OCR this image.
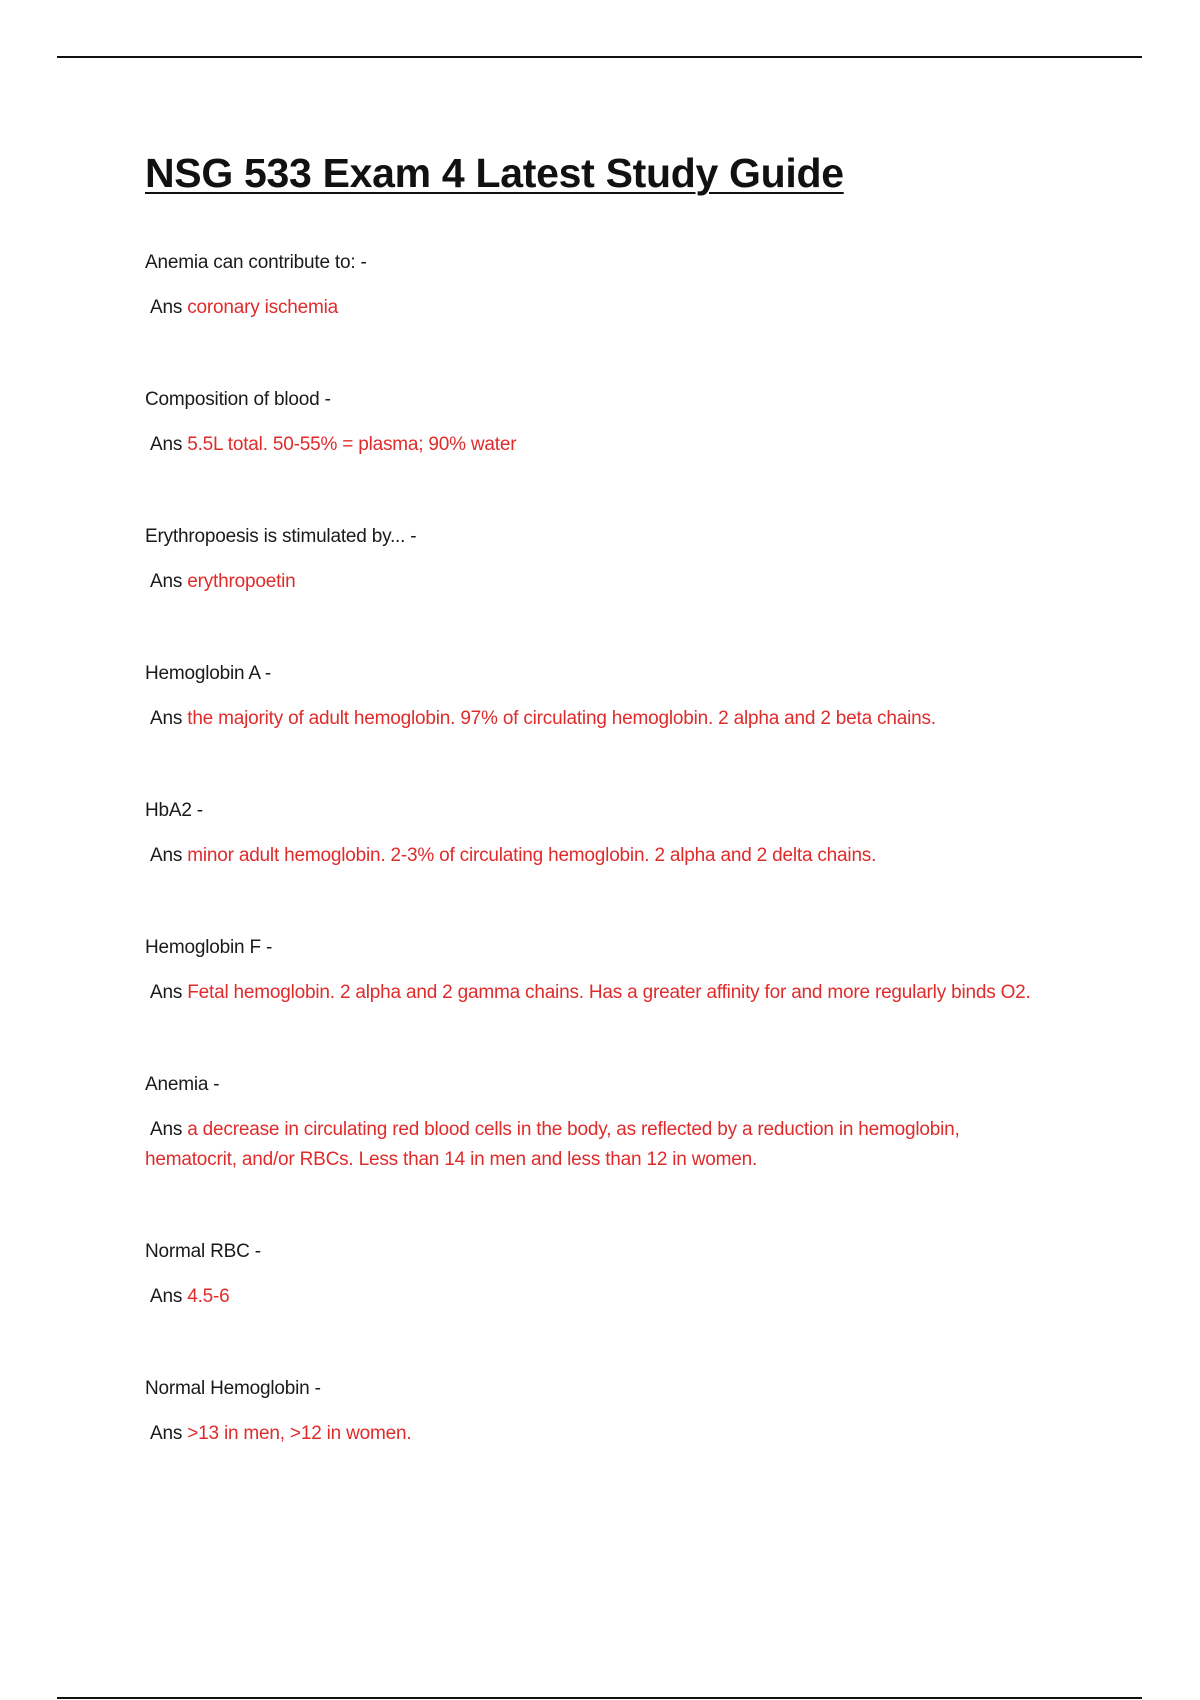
NSG 533 Exam 4 Latest Study Guide
Anemia can contribute to: -
Ans coronary ischemia
Composition of blood -
Ans 5.5L total. 50-55% = plasma; 90% water
Erythropoesis is stimulated by... -
Ans erythropoetin
Hemoglobin A -
Ans the majority of adult hemoglobin. 97% of circulating hemoglobin. 2 alpha and 2 beta chains.
HbA2 -
Ans minor adult hemoglobin. 2-3% of circulating hemoglobin. 2 alpha and 2 delta chains.
Hemoglobin F -
Ans Fetal hemoglobin. 2 alpha and 2 gamma chains. Has a greater affinity for and more regularly binds O2.
Anemia -
Ans a decrease in circulating red blood cells in the body, as reflected by a reduction in hemoglobin, hematocrit, and/or RBCs. Less than 14 in men and less than 12 in women.
Normal RBC -
Ans 4.5-6
Normal Hemoglobin -
Ans >13 in men, >12 in women.
